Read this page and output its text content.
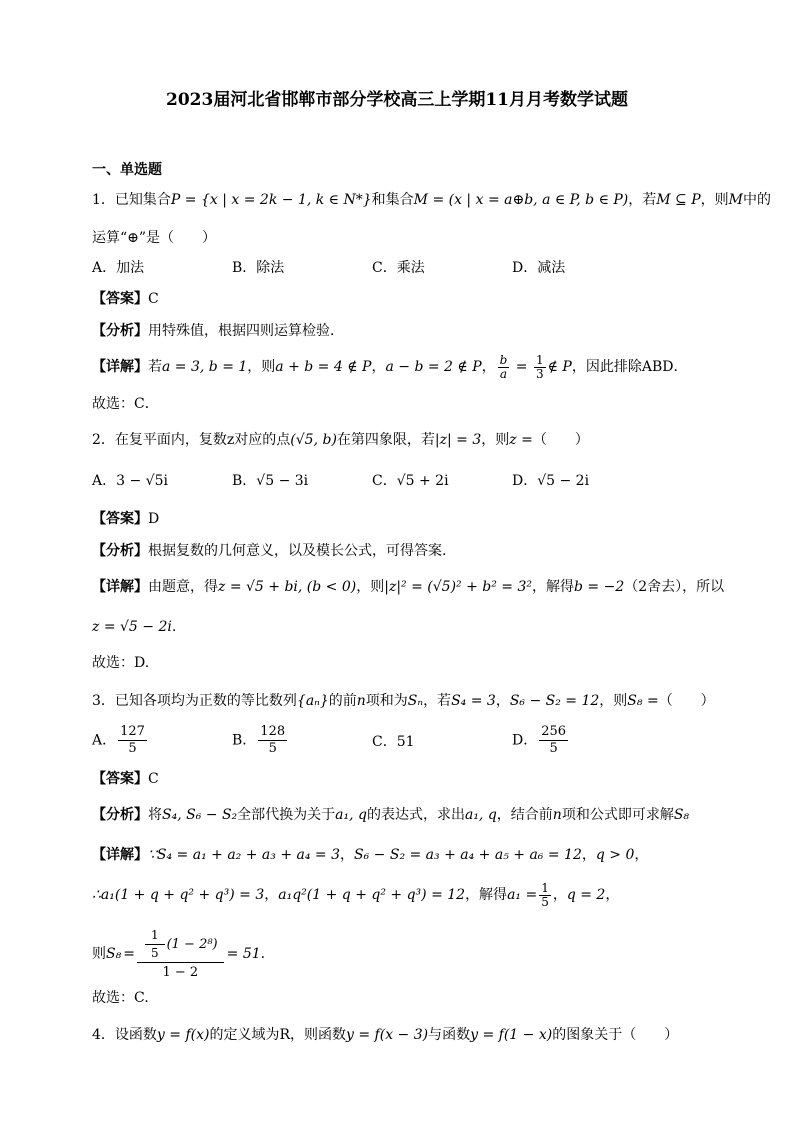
2023届河北省邯郸市部分学校高三上学期11月月考数学试题
一、单选题
1．已知集合P = {x | x = 2k − 1, k ∈ N*}和集合M = (x | x = a⊕b, a ∈ P, b ∈ P)，若M ⊆ P，则M中的
运算“⊕”是（　　）
A．加法	B．除法	C．乘法	D．减法
【答案】C
【分析】用特殊值，根据四则运算检验．
【详解】若a = 3, b = 1，则a + b = 4 ∉ P，a − b = 2 ∉ P， $\frac{b}{a} = \frac{1}{3}$ ∉ P，因此排除ABD．
故选：C．
2．在复平面内，复数z对应的点(√5, b)在第四象限，若|z| = 3，则z =（　　）
A．3 − √5i	B．√5 − 3i	C．√5 + 2i	D．√5 − 2i
【答案】D
【分析】根据复数的几何意义，以及模长公式，可得答案.
【详解】由题意，得z = √5 + bi, (b < 0)，则|z|² = (√5)² + b² = 3²，解得b = −2（2舍去），所以
z = √5 − 2i.
故选：D.
3．已知各项均为正数的等比数列{aₙ}的前n项和为Sₙ，若S₄ = 3，S₆ − S₂ = 12，则S₈ =（　　）
A． $\frac{127}{5}$	B． $\frac{128}{5}$	C．51	D． $\frac{256}{5}$
【答案】C
【分析】将S₄, S₆ − S₂全部代换为关于a₁, q的表达式，求出a₁, q，结合前n项和公式即可求解S₈
【详解】∵S₄ = a₁ + a₂ + a₃ + a₄ = 3，S₆ − S₂ = a₃ + a₄ + a₅ + a₆ = 12，q > 0，
∴a₁(1 + q + q² + q³) = 3，a₁q²(1 + q + q² + q³) = 12，解得$a_1 = \frac{1}{5}$ ，q = 2，
则$S_8 = \frac{\frac{1}{5} (1 - 2^8)}{1 - 2} = 51$.
故选：C.
4．设函数y = f(x)的定义域为R，则函数y = f(x − 3)与函数y = f(1 − x)的图象关于（　　）
